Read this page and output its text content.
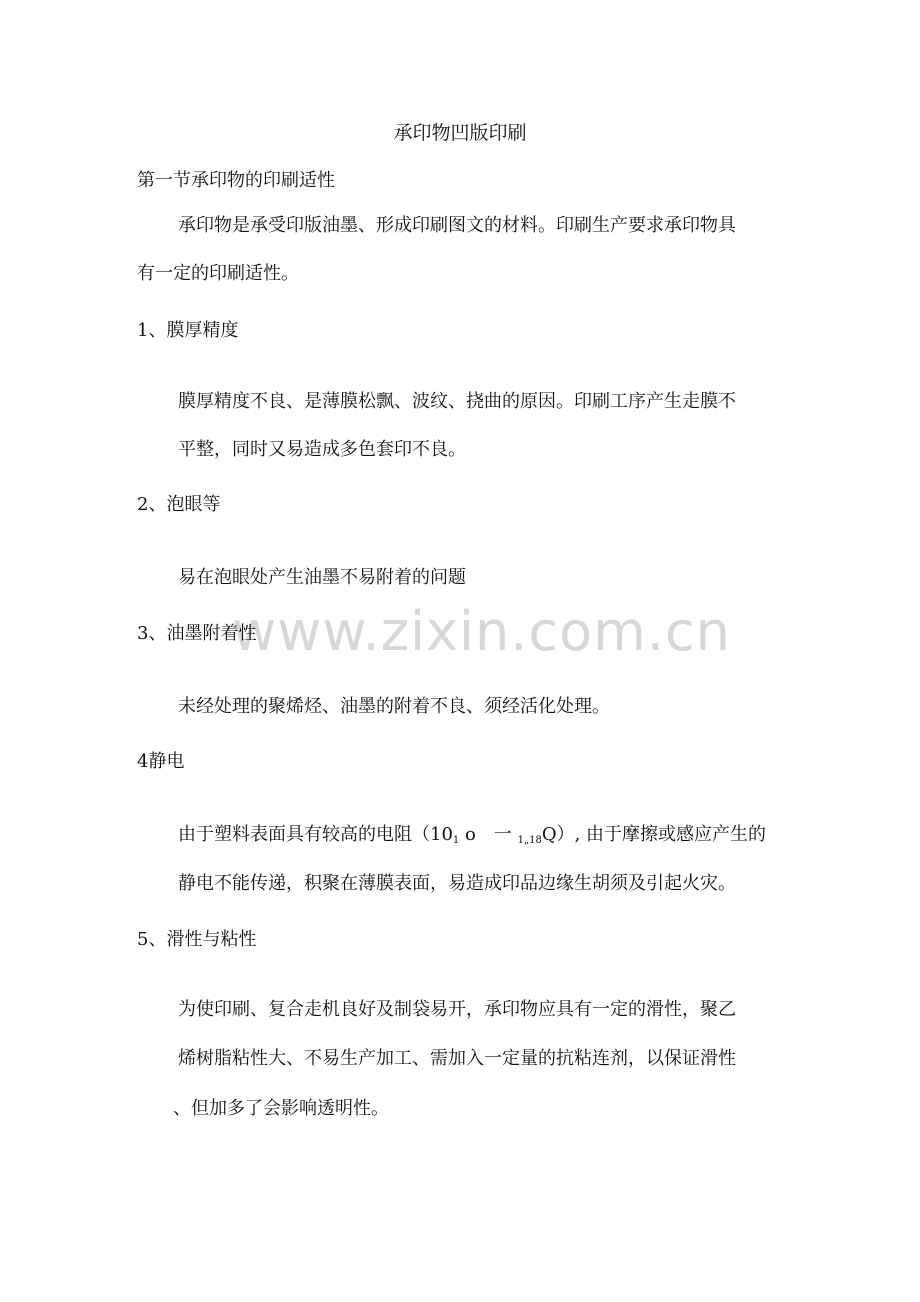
承印物凹版印刷
第一节承印物的印刷适性
承印物是承受印版油墨、形成印刷图文的材料。印刷生产要求承印物具
有一定的印刷适性。
1、膜厚精度
膜厚精度不良、是薄膜松飘、波纹、挠曲的原因。印刷工序产生走膜不
平整，同时又易造成多色套印不良。
2、泡眼等
易在泡眼处产生油墨不易附着的问题
www.zixin.com.cn
3、油墨附着性
未经处理的聚烯烃、油墨的附着不良、须经活化处理。
4静电
由于塑料表面具有较高的电阻（$10_1$ o　一 $_{1„18}$Q）, 由于摩擦或感应产生的
静电不能传递，积聚在薄膜表面，易造成印品边缘生胡须及引起火灾。
5、滑性与粘性
为使印刷、复合走机良好及制袋易开，承印物应具有一定的滑性，聚乙
烯树脂粘性大、不易生产加工、需加入一定量的抗粘连剂，以保证滑性
、但加多了会影响透明性。
